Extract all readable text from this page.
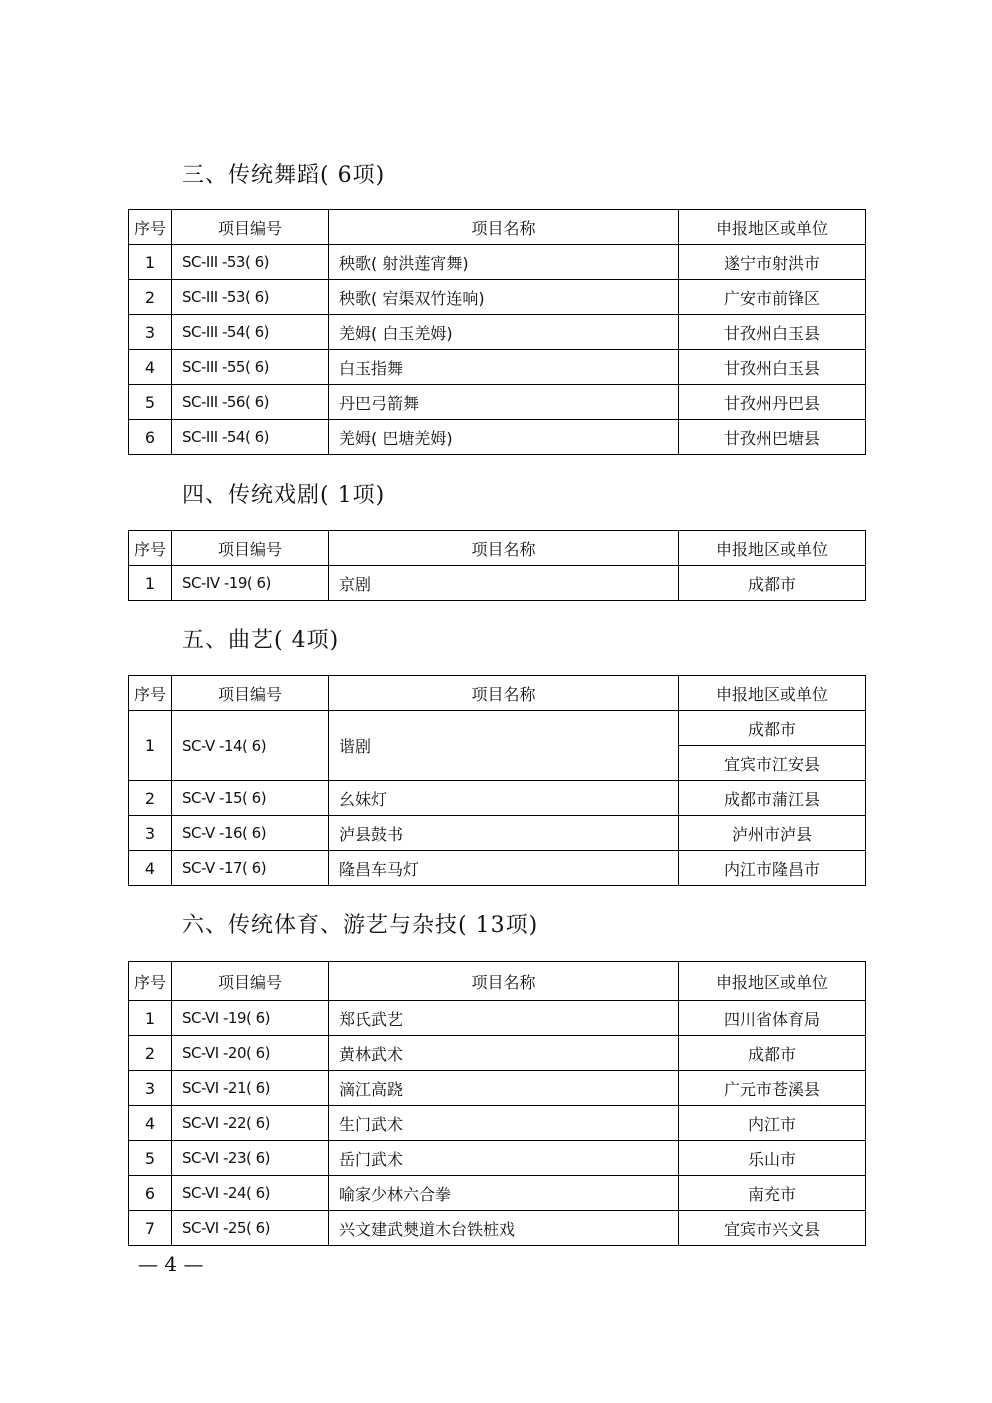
三、传统舞蹈( 6项)
序号	项目编号	项目名称	申报地区或单位
1	SC-III -53( 6)	秧歌( 射洪莲宵舞)	遂宁市射洪市
2	SC-III -53( 6)	秧歌( 宕渠双竹连响)	广安市前锋区
3	SC-III -54( 6)	羌姆( 白玉羌姆)	甘孜州白玉县
4	SC-III -55( 6)	白玉指舞	甘孜州白玉县
5	SC-III -56( 6)	丹巴弓箭舞	甘孜州丹巴县
6	SC-III -54( 6)	羌姆( 巴塘羌姆)	甘孜州巴塘县
四、传统戏剧( 1项)
序号	项目编号	项目名称	申报地区或单位
1	SC-IV -19( 6)	京剧	成都市
五、曲艺( 4项)
序号	项目编号	项目名称	申报地区或单位
1	SC-V -14( 6)	谐剧	成都市
			宜宾市江安县
2	SC-V -15( 6)	幺妹灯	成都市蒲江县
3	SC-V -16( 6)	泸县鼓书	泸州市泸县
4	SC-V -17( 6)	隆昌车马灯	内江市隆昌市
六、传统体育、游艺与杂技( 13项)
序号	项目编号	项目名称	申报地区或单位
1	SC-VI -19( 6)	郑氏武艺	四川省体育局
2	SC-VI -20( 6)	黄林武术	成都市
3	SC-VI -21( 6)	滴江高跷	广元市苍溪县
4	SC-VI -22( 6)	生门武术	内江市
5	SC-VI -23( 6)	岳门武术	乐山市
6	SC-VI -24( 6)	喻家少林六合拳	南充市
7	SC-VI -25( 6)	兴文建武僰道木台铁桩戏	宜宾市兴文县
— 4 —
